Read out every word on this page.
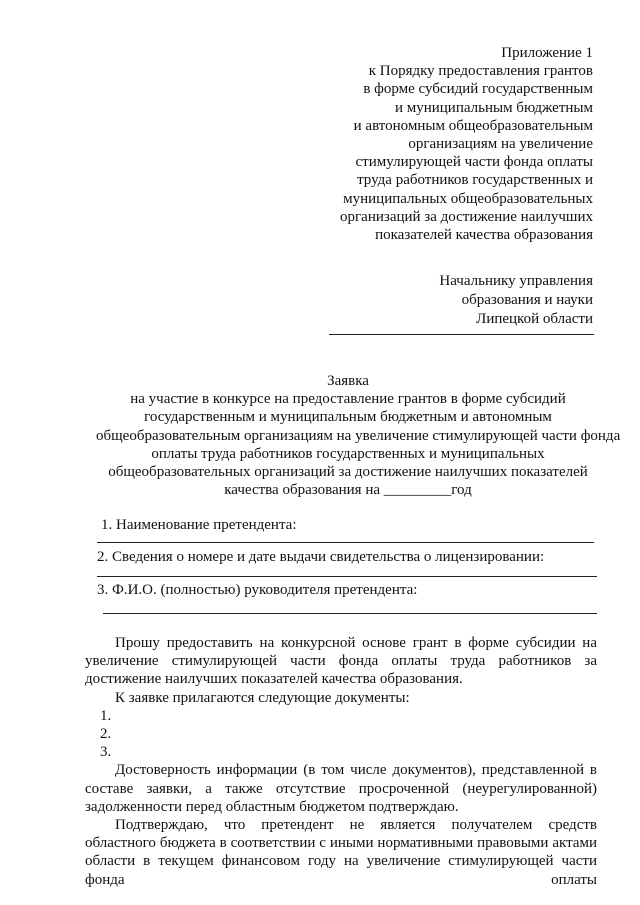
Приложение 1
к Порядку предоставления грантов
в форме субсидий государственным
и муниципальным бюджетным
и автономным общеобразовательным
организациям на увеличение
стимулирующей части фонда оплаты
труда работников государственных и
муниципальных общеобразовательных
организаций за достижение наилучших
показателей качества образования
Начальнику управления
образования и науки
Липецкой области
Заявка
на участие в конкурсе на предоставление грантов в форме субсидий
государственным и муниципальным бюджетным и автономным
общеобразовательным организациям на увеличение стимулирующей части фонда
оплаты труда работников государственных и муниципальных
общеобразовательных организаций за достижение наилучших показателей
качества образования на _________год
1. Наименование претендента:
2. Сведения о номере и дате выдачи свидетельства о лицензировании:
3. Ф.И.О. (полностью) руководителя претендента:

Прошу предоставить на конкурсной основе грант в форме субсидии на увеличение стимулирующей части фонда оплаты труда работников за достижение наилучших показателей качества образования.

К заявке прилагаются следующие документы:

1.
2.
3.

Достоверность информации (в том числе документов), представленной в составе заявки, а также отсутствие просроченной (неурегулированной) задолженности перед областным бюджетом подтверждаю.

Подтверждаю, что претендент не является получателем средств областного бюджета в соответствии с иными нормативными правовыми актами области в текущем финансовом году на увеличение стимулирующей части фонда оплаты
